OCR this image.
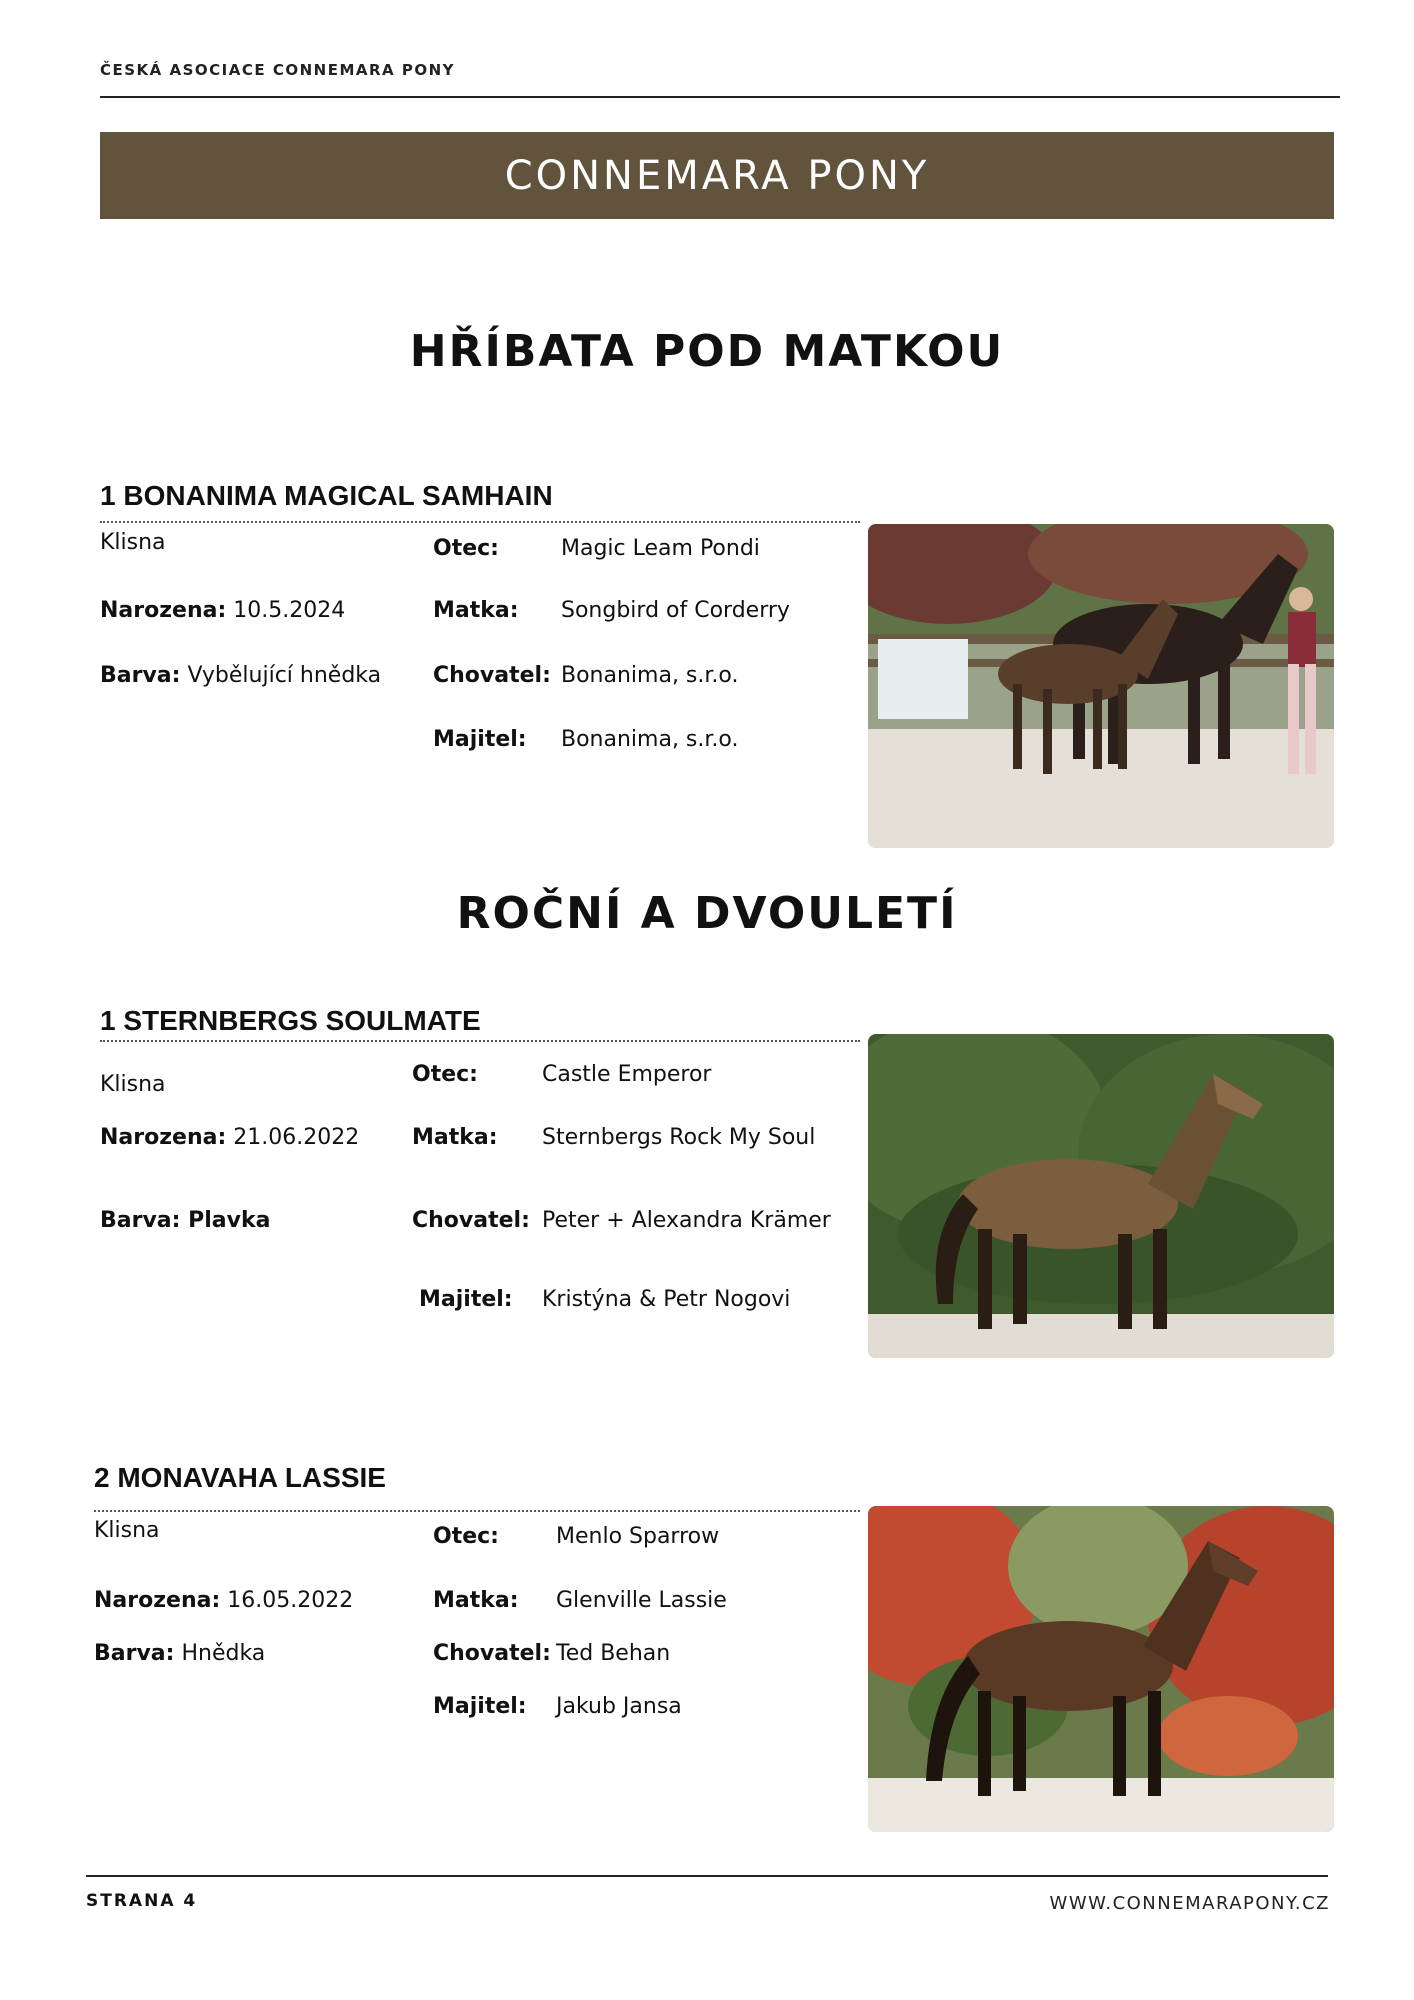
ČESKÁ ASOCIACE CONNEMARA PONY
CONNEMARA PONY
HŘÍBATA POD MATKOU
1 BONANIMA MAGICAL SAMHAIN
Klisna
Narozena: 10.5.2024
Barva: Vybělující hnědka
Otec:	Magic Leam Pondi
Matka: Songbird of Corderry
Chovatel: Bonanima, s.r.o.
Majitel: Bonanima, s.r.o.
ROČNÍ A DVOULETÍ
1 STERNBERGS SOULMATE
Klisna
Narozena: 21.06.2022
Barva: Plavka
Otec:	Castle Emperor
Matka: Sternbergs Rock My Soul
Chovatel: Peter + Alexandra Krämer
Majitel: Kristýna & Petr Nogovi
2 MONAVAHA LASSIE
Klisna
Narozena: 16.05.2022
Barva: Hnědka
Otec:	Menlo Sparrow
Matka: Glenville Lassie
Chovatel: Ted Behan
Majitel: Jakub Jansa
STRANA 4	WWW.CONNEMARAPONY.CZ
